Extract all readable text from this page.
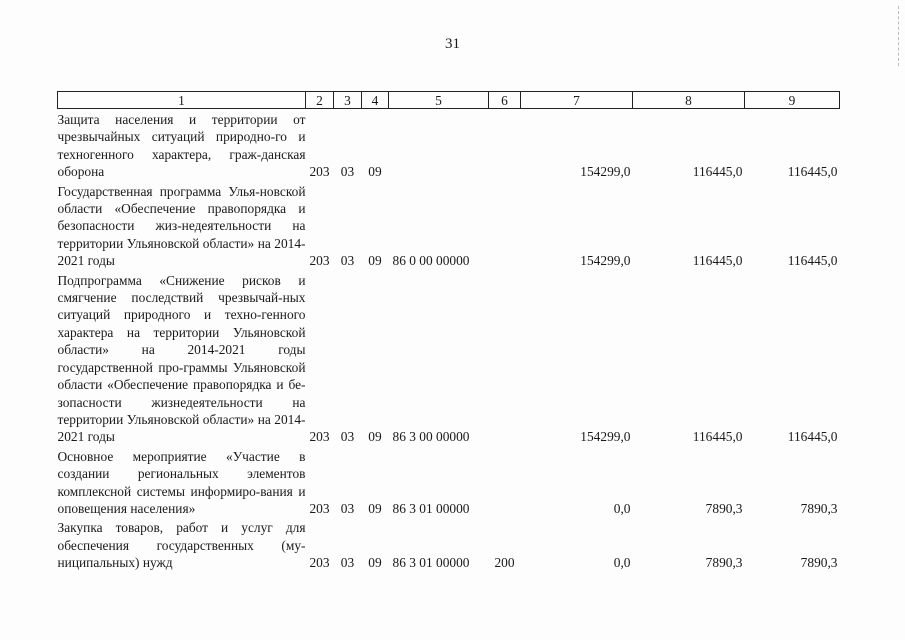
31
1	2	3	4	5	6	7	8	9
Защита населения и территории от чрезвычайных ситуаций природно-го и техногенного характера, граж-данская оборона	203	03	09			154299,0	116445,0	116445,0
Государственная программа Улья-новской области «Обеспечение правопорядка и безопасности жиз-недеятельности на территории Ульяновской области» на 2014-2021 годы	203	03	09	86 0 00 00000		154299,0	116445,0	116445,0
Подпрограмма «Снижение рисков и смягчение последствий чрезвычай-ных ситуаций природного и техно-генного характера на территории Ульяновской области» на 2014-2021 годы государственной про-граммы Ульяновской области «Обеспечение правопорядка и бе-зопасности жизнедеятельности на территории Ульяновской области» на 2014-2021 годы	203	03	09	86 3 00 00000		154299,0	116445,0	116445,0
Основное мероприятие «Участие в создании региональных элементов комплексной системы информиро-вания и оповещения населения»	203	03	09	86 3 01 00000		0,0	7890,3	7890,3
Закупка товаров, работ и услуг для обеспечения государственных (му-ниципальных) нужд	203	03	09	86 3 01 00000	200	0,0	7890,3	7890,3
